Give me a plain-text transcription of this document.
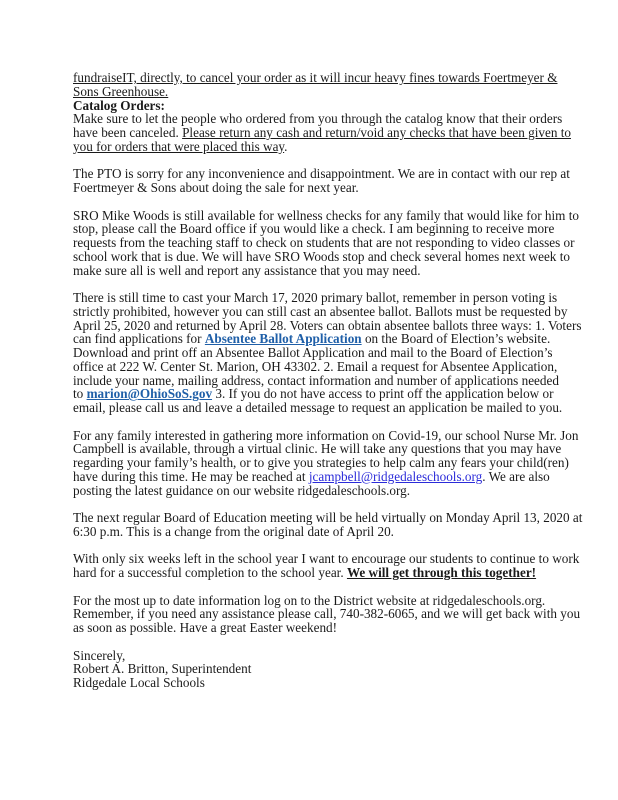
fundraiseIT, directly, to cancel your order as it will incur heavy fines towards Foertmeyer &
Sons Greenhouse.
Catalog Orders:
Make sure to let the people who ordered from you through the catalog know that their orders
have been canceled. Please return any cash and return/void any checks that have been given to
you for orders that were placed this way.
The PTO is sorry for any inconvenience and disappointment. We are in contact with our rep at
Foertmeyer & Sons about doing the sale for next year.
SRO Mike Woods is still available for wellness checks for any family that would like for him to
stop, please call the Board office if you would like a check. I am beginning to receive more
requests from the teaching staff to check on students that are not responding to video classes or
school work that is due. We will have SRO Woods stop and check several homes next week to
make sure all is well and report any assistance that you may need.
There is still time to cast your March 17, 2020 primary ballot, remember in person voting is
strictly prohibited, however you can still cast an absentee ballot. Ballots must be requested by
April 25, 2020 and returned by April 28. Voters can obtain absentee ballots three ways: 1. Voters
can find applications for Absentee Ballot Application on the Board of Election’s website.
Download and print off an Absentee Ballot Application and mail to the Board of Election’s
office at 222 W. Center St. Marion, OH 43302. 2. Email a request for Absentee Application,
include your name, mailing address, contact information and number of applications needed
to marion@OhioSoS.gov 3. If you do not have access to print off the application below or
email, please call us and leave a detailed message to request an application be mailed to you.
For any family interested in gathering more information on Covid-19, our school Nurse Mr. Jon
Campbell is available, through a virtual clinic. He will take any questions that you may have
regarding your family’s health, or to give you strategies to help calm any fears your child(ren)
have during this time. He may be reached at jcampbell@ridgedaleschools.org. We are also
posting the latest guidance on our website ridgedaleschools.org.
The next regular Board of Education meeting will be held virtually on Monday April 13, 2020 at
6:30 p.m. This is a change from the original date of April 20.
With only six weeks left in the school year I want to encourage our students to continue to work
hard for a successful completion to the school year. We will get through this together!
For the most up to date information log on to the District website at ridgedaleschools.org.
Remember, if you need any assistance please call, 740-382-6065, and we will get back with you
as soon as possible. Have a great Easter weekend!
Sincerely,
Robert A. Britton, Superintendent
Ridgedale Local Schools
